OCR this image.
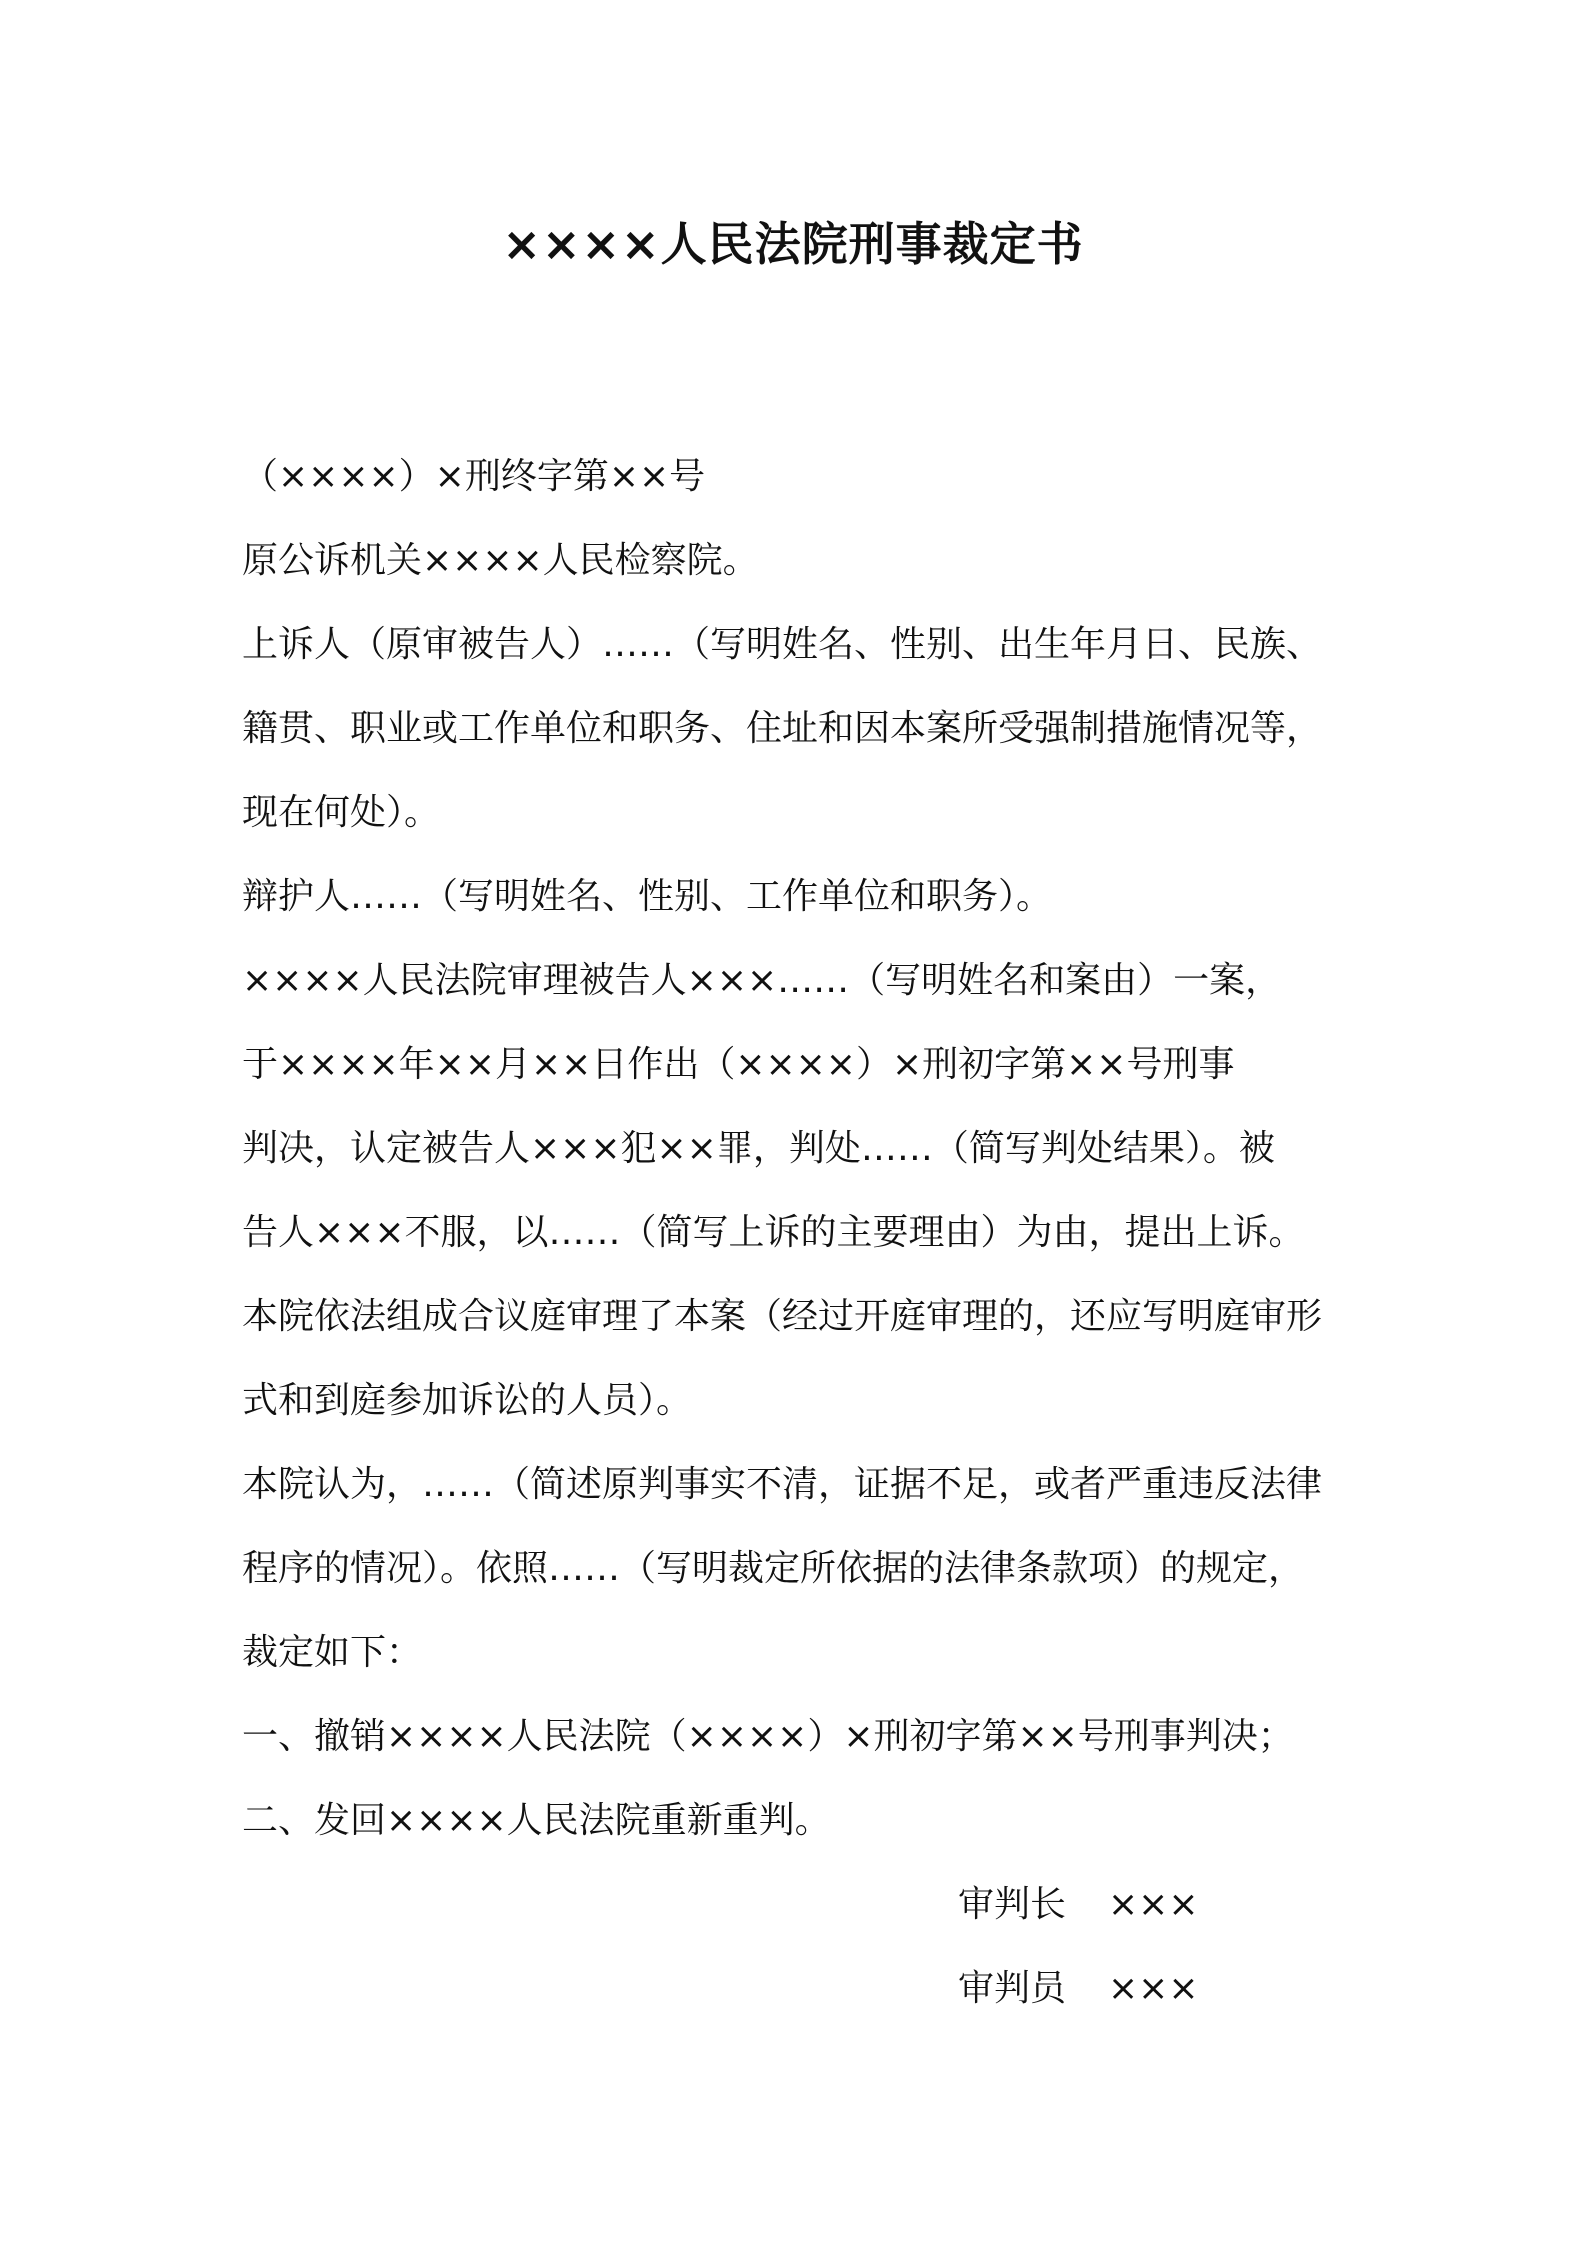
××××人民法院刑事裁定书
（××××）×刑终字第××号
原公诉机关××××人民检察院。
上诉人（原审被告人）……（写明姓名、性别、出生年月日、民族、
籍贯、职业或工作单位和职务、住址和因本案所受强制措施情况等，
现在何处）。
辩护人……（写明姓名、性别、工作单位和职务）。
××××人民法院审理被告人×××……（写明姓名和案由）一案，
于××××年××月××日作出（××××）×刑初字第××号刑事
判决，认定被告人×××犯××罪，判处……（简写判处结果）。被
告人×××不服，以……（简写上诉的主要理由）为由，提出上诉。
本院依法组成合议庭审理了本案（经过开庭审理的，还应写明庭审形
式和到庭参加诉讼的人员）。
本院认为，……（简述原判事实不清，证据不足，或者严重违反法律
程序的情况）。依照……（写明裁定所依据的法律条款项）的规定，
裁定如下：
一、撤销××××人民法院（××××）×刑初字第××号刑事判决；
二、发回××××人民法院重新重判。
审判长 ×××
审判员 ×××
